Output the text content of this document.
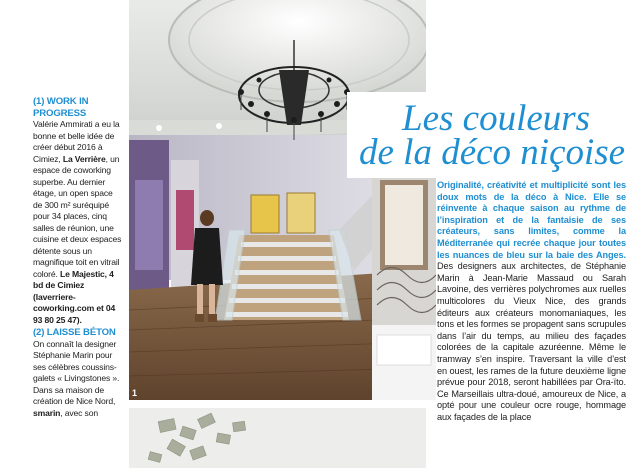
(1) WORK IN
PROGRESS
Valérie Ammirati a eu la bonne et belle idée de créer début 2016 à Cimiez, La Verrière, un espace de coworking superbe. Au dernier étage, un open space de 300 m² suréquipé pour 34 places, cinq salles de réunion, une cuisine et deux espaces détente sous un magnifique toit en vitrail coloré. Le Majestic, 4 bd de Cimiez (laverriere-coworking.com et 04 93 80 25 47).
(2) LAISSE BÉTON
On connaît la designer Stéphanie Marin pour ses célèbres coussins-galets « Livingstones ». Dans sa maison de création de Nice Nord, smarin, avec son
1
Les couleurs
de la déco niçoise
Originalité, créativité et multiplicité sont les doux mots de la déco à Nice. Elle se réinvente à chaque saison au rythme de l’inspiration et de la fantaisie de ses créateurs, sans limites, comme la Méditerranée qui recrée chaque jour toutes les nuances de bleu sur la baie des Anges. Des designers aux architectes, de Stéphanie Marin à Jean-Marie Massaud ou Sarah Lavoine, des verrières polychromes aux ruelles multicolores du Vieux Nice, des grands éditeurs aux créateurs monomaniaques, les tons et les formes se propagent sans scrupules dans l’air du temps, au milieu des façades colorées de la capitale azuréenne. Même le tramway s’en inspire. Traversant la ville d’est en ouest, les rames de la future deuxième ligne prévue pour 2018, seront habillées par Ora-ïto. Ce Marseillais ultra-doué, amoureux de Nice, a opté pour une couleur ocre rouge, hommage aux façades de la place
